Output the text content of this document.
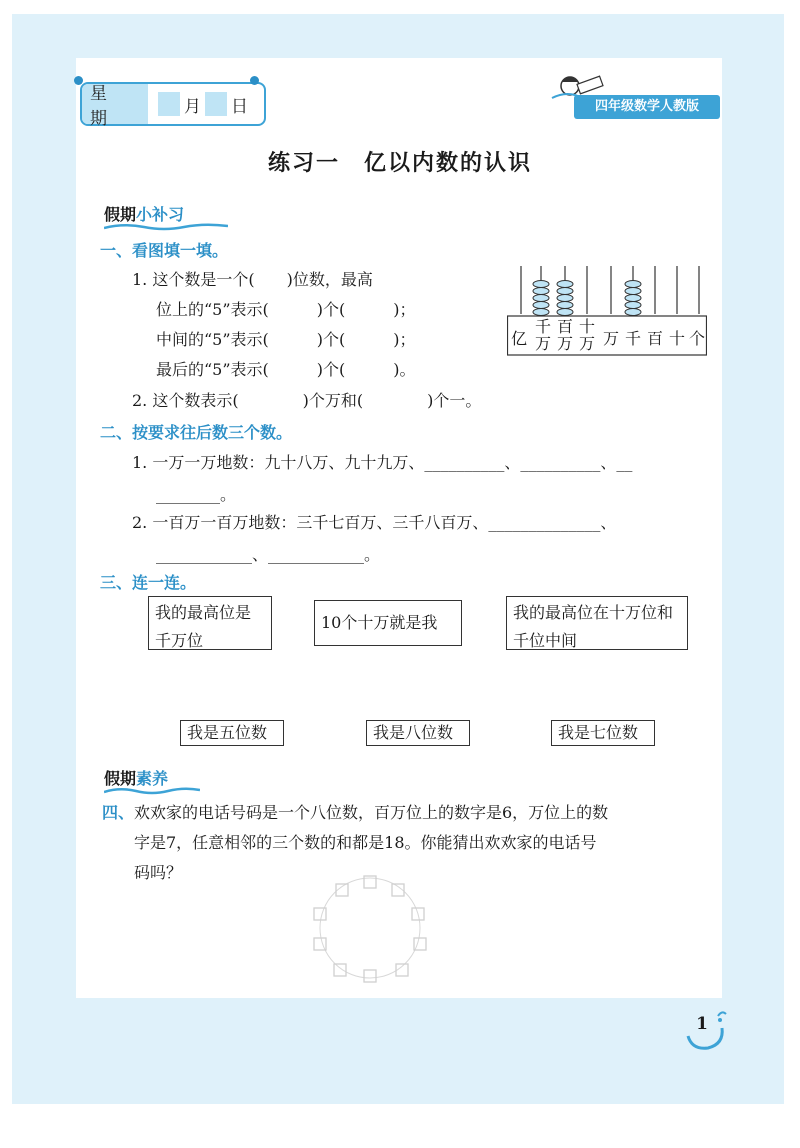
星期
月 日	四年级数学人教版
练习一　亿以内数的认识
假期 小补习
一、看图填一填。
1. 这个数是一个(　　)位数，最高
位上的“5”表示(　　　)个(　　　)；
中间的“5”表示(　　　)个(　　　)；
最后的“5”表示(　　　)个(　　　)。
2. 这个数表示(　　　　)个万和(　　　　)个一。
亿
千万
百万
十万 万 千 百 十 个
二、按要求往后数三个数。
1. 一万一万地数：九十八万、九十九万、__________、__________、__
________。
2. 一百万一百万地数：三千七百万、三千八百万、______________、
____________、____________。
三、连一连。
我的最高位是千万位
10个十万就是我
我的最高位在十万位和千位中间
我是五位数	我是八位数	我是七位数
假期 素养
四、 欢欢家的电话号码是一个八位数，百万位上的数字是6，万位上的数
字是7，任意相邻的三个数的和都是18。你能猜出欢欢家的电话号
码吗？
1
